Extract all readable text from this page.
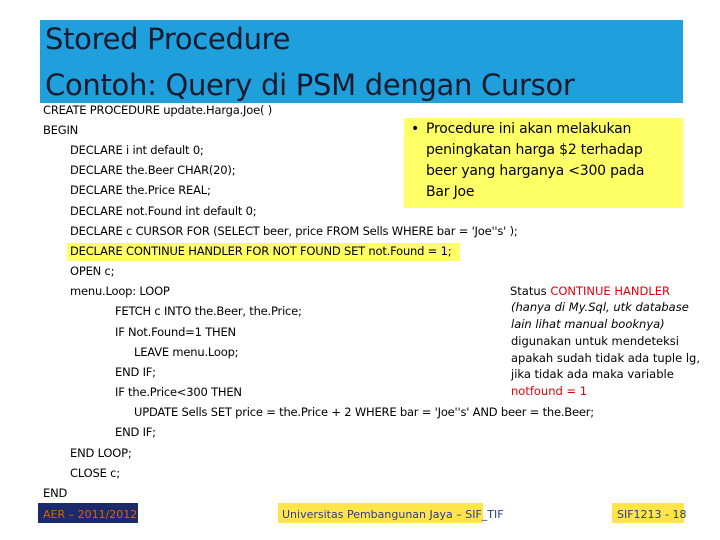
Stored Procedure
Contoh: Query di PSM dengan Cursor
• Procedure ini akan melakukan
peningkatan harga $2 terhadap
beer yang harganya <300 pada
Bar Joe
CREATE PROCEDURE update.Harga.Joe( )
BEGIN
DECLARE i int default 0;
DECLARE the.Beer CHAR(20);
DECLARE the.Price REAL;
DECLARE not.Found int default 0;
DECLARE c CURSOR FOR (SELECT beer, price FROM Sells WHERE bar = 'Joe''s' );
DECLARE CONTINUE HANDLER FOR NOT FOUND SET not.Found = 1;
OPEN c;
menu.Loop: LOOP
FETCH c INTO the.Beer, the.Price;
IF Not.Found=1 THEN
LEAVE menu.Loop;
END IF;
IF the.Price<300 THEN
UPDATE Sells SET price = the.Price + 2 WHERE bar = 'Joe''s' AND beer = the.Beer;
END IF;
END LOOP;
CLOSE c;
END
Status CONTINUE HANDLER
(hanya di My.Sql, utk database
lain lihat manual booknya)
digunakan untuk mendeteksi
apakah sudah tidak ada tuple lg,
jika tidak ada maka variable
notfound = 1
AER – 2011/2012	Universitas Pembangunan Jaya – SIF_TIF	SIF1213 - 18
